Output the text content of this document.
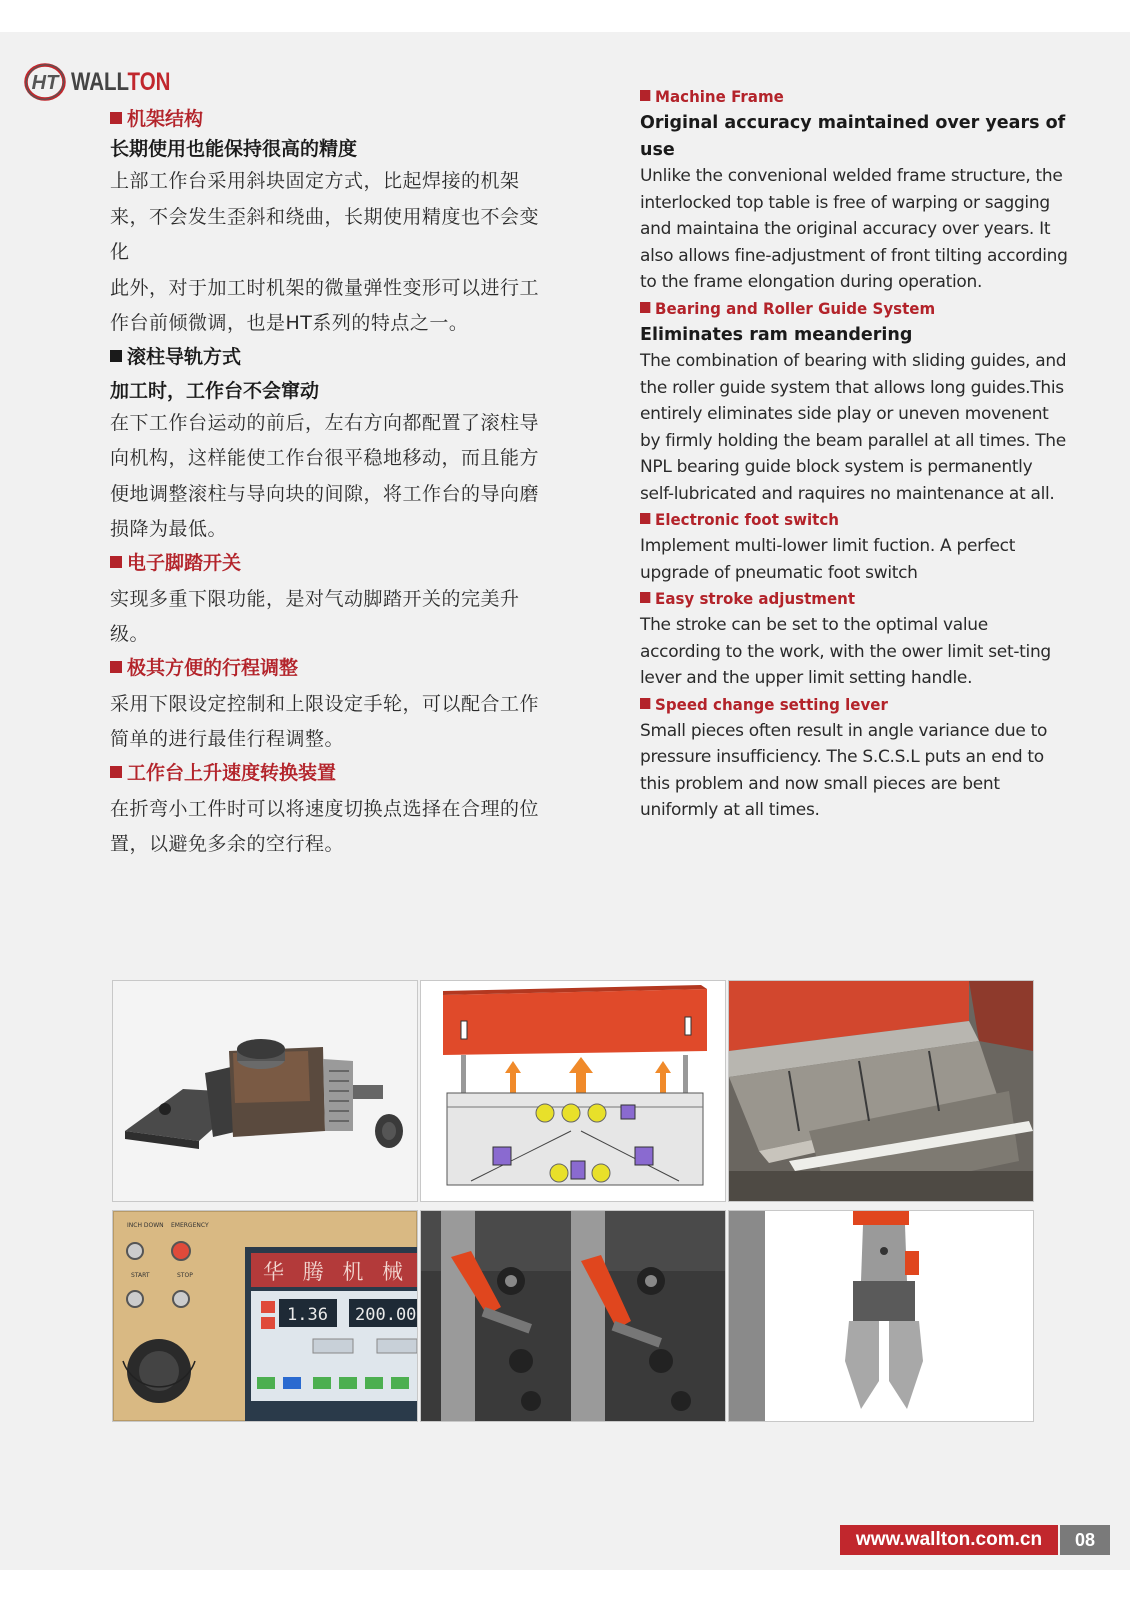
HT WALLTON
机架结构
长期使用也能保持很高的精度
上部工作台采用斜块固定方式，比起焊接的机架来，不会发生歪斜和绕曲，长期使用精度也不会变化
此外，对于加工时机架的微量弹性变形可以进行工作台前倾微调，也是HT系列的特点之一。
滚柱导轨方式
加工时，工作台不会窜动
在下工作台运动的前后，左右方向都配置了滚柱导向机构，这样能使工作台很平稳地移动，而且能方便地调整滚柱与导向块的间隙，将工作台的导向磨损降为最低。
电子脚踏开关
实现多重下限功能，是对气动脚踏开关的完美升级。
极其方便的行程调整
采用下限设定控制和上限设定手轮，可以配合工作简单的进行最佳行程调整。
工作台上升速度转换装置
在折弯小工件时可以将速度切换点选择在合理的位置，以避免多余的空行程。
Machine Frame
Original accuracy maintained over years of use
Unlike the convenional welded frame structure, the interlocked top table is free of warping or sagging and maintaina the original accuracy over years. It also allows fine-adjustment of front tilting according to the frame elongation during operation.
Bearing and Roller Guide System
Eliminates ram meandering
The combination of bearing with sliding guides, and the roller guide system that allows long guides.This entirely eliminates side play or uneven movenent by firmly holding the beam parallel at all times. The NPL bearing guide block system is permanently self-lubricated and raquires no maintenance at all.
Electronic foot switch
Implement multi-lower limit fuction. A perfect upgrade of pneumatic foot switch
Easy stroke adjustment
The stroke can be set to the optimal value according to the work, with the ower limit set-ting lever and the upper limit setting handle.
Speed change setting lever
Small pieces often result in angle variance due to pressure insufficiency. The S.C.S.L puts an end to this problem and now small pieces are bent uniformly at all times.
INCH DOWN EMERGENCY
START	STOP	华 腾 机 械
1.36 200.00
www.wallton.com.cn	08
